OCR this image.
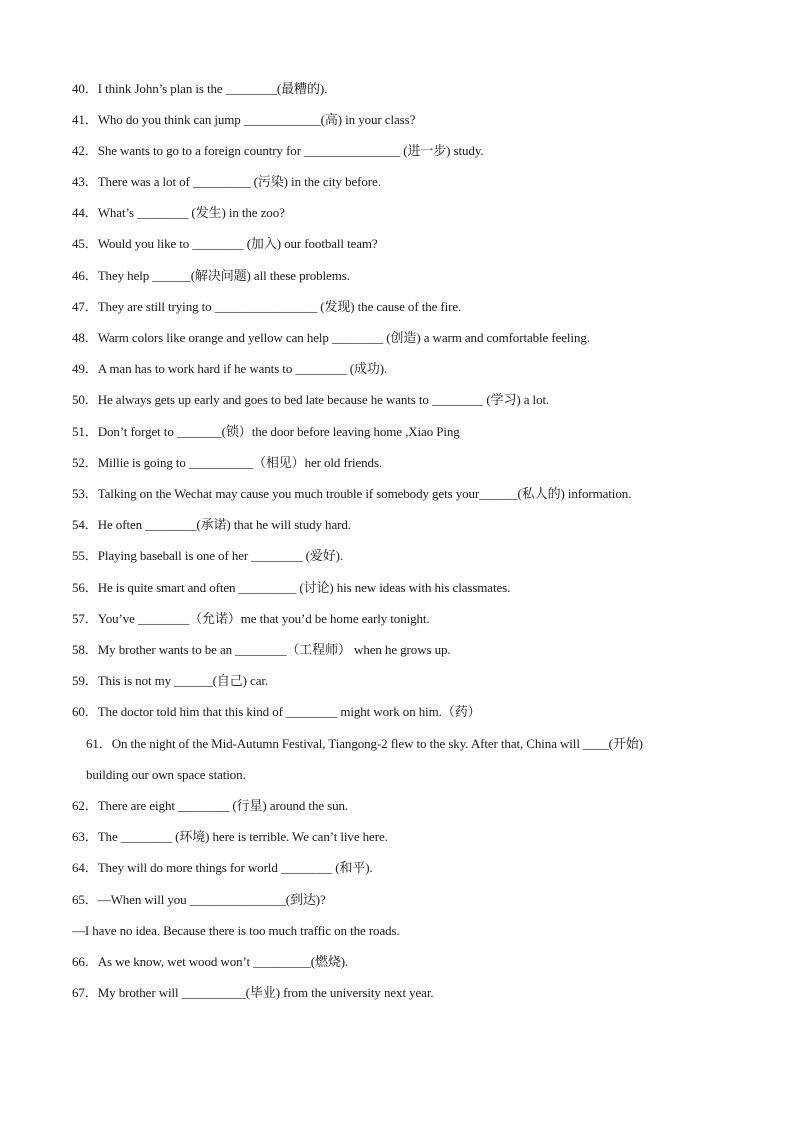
40．I think John’s plan is the ________(最糟的).
41．Who do you think can jump ____________(高) in your class?
42．She wants to go to a foreign country for _______________ (进一步) study.
43．There was a lot of _________ (污染) in the city before.
44．What’s ________ (发生) in the zoo?
45．Would you like to ________ (加入) our football team?
46．They help ______(解决问题) all these problems.
47．They are still trying to ________________ (发现) the cause of the fire.
48．Warm colors like orange and yellow can help ________ (创造) a warm and comfortable feeling.
49．A man has to work hard if he wants to ________ (成功).
50．He always gets up early and goes to bed late because he wants to ________ (学习) a lot.
51．Don’t forget to _______(锁）the door before leaving home ,Xiao Ping
52．Millie is going to __________（相见）her old friends.
53．Talking on the Wechat may cause you much trouble if somebody gets your______(私人的) information.
54．He often ________(承诺) that he will study hard.
55．Playing baseball is one of her ________ (爱好).
56．He is quite smart and often _________ (讨论) his new ideas with his classmates.
57．You’ve ________（允诺）me that you’d be home early tonight.
58．My brother wants to be an ________（工程师） when he grows up.
59．This is not my ______(自己) car.
60．The doctor told him that this kind of ________ might work on him.（药）
61．On the night of the Mid-Autumn Festival, Tiangong-2 flew to the sky. After that, China will ____(开始)
building our own space station.
62．There are eight ________ (行星) around the sun.
63．The ________ (环境) here is terrible. We can’t live here.
64．They will do more things for world ________ (和平).
65．—When will you _______________(到达)?
—I have no idea. Because there is too much traffic on the roads.
66．As we know, wet wood won’t _________(燃烧).
67．My brother will __________(毕业) from the university next year.
